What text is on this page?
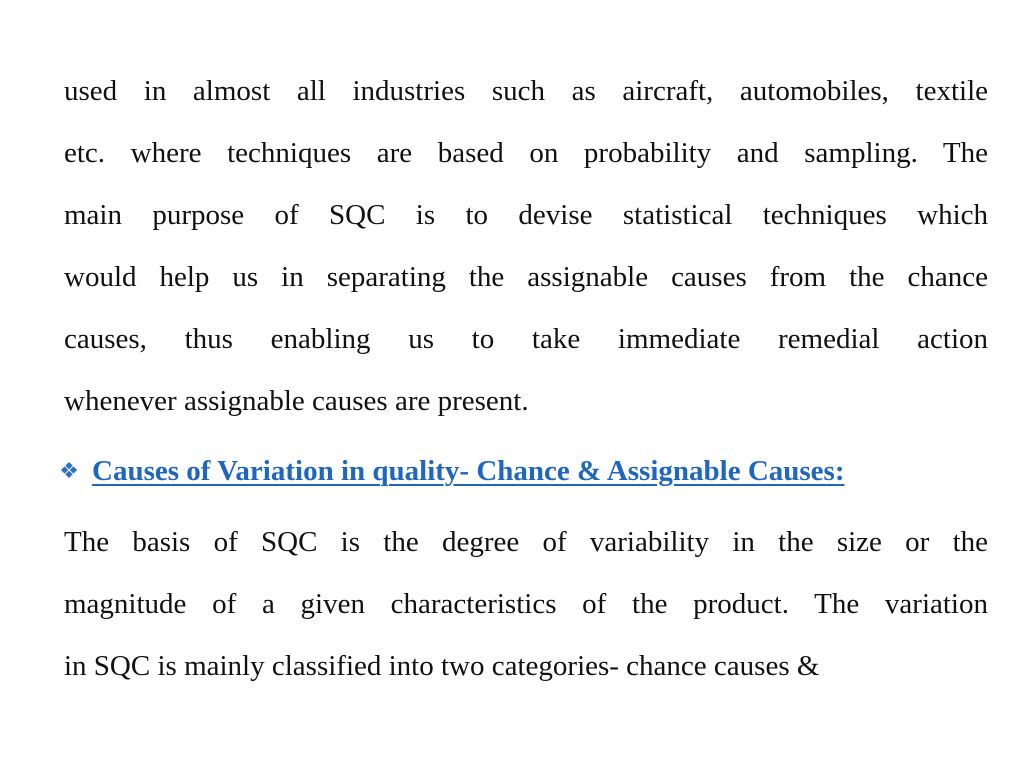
used in almost all industries such as aircraft, automobiles, textile
etc. where techniques are based on probability and sampling. The
main purpose of SQC is to devise statistical techniques which
would help us in separating the assignable causes from the chance
causes, thus enabling us to take immediate remedial action
whenever assignable causes are present.
❖ Causes of Variation in quality- Chance & Assignable Causes:
The basis of SQC is the degree of variability in the size or the
magnitude of a given characteristics of the product. The variation
in SQC is mainly classified into two categories- chance causes &
